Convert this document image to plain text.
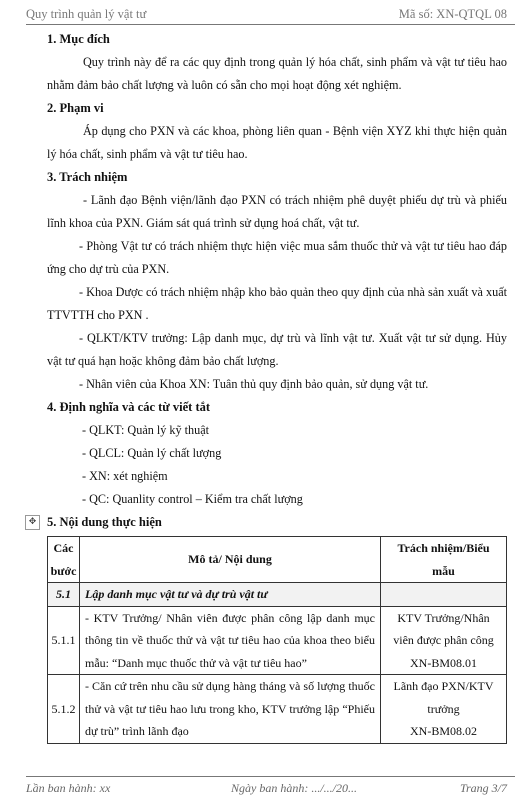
Quy trình quản lý vật tư	Mã số: XN-QTQL 08
1. Mục đích

Quy trình này để ra các quy định trong quản lý hóa chất, sinh phẩm và vật tư tiêu hao nhằm đảm bảo chất lượng và luôn có sẵn cho mọi hoạt động xét nghiệm.

2. Phạm vi

Áp dụng cho PXN và các khoa, phòng liên quan - Bệnh viện XYZ khi thực hiện quản lý hóa chất, sinh phẩm và vật tư tiêu hao.

3. Trách nhiệm

- Lãnh đạo Bệnh viện/lãnh đạo PXN có trách nhiệm phê duyệt phiếu dự trù và phiếu lĩnh khoa của PXN. Giám sát quá trình sử dụng hoá chất, vật tư.

- Phòng Vật tư có trách nhiệm thực hiện việc mua sắm thuốc thử và vật tư tiêu hao đáp ứng cho dự trù của PXN.

- Khoa Dược có trách nhiệm nhập kho bảo quản theo quy định của nhà sản xuất và xuất TTVTTH cho PXN .

- QLKT/KTV trưởng: Lập danh mục, dự trù và lĩnh vật tư. Xuất vật tư sử dụng. Hủy vật tư quá hạn hoặc không đảm bảo chất lượng.

- Nhân viên của Khoa XN: Tuân thủ quy định bảo quản, sử dụng vật tư.

4. Định nghĩa và các từ viết tắt

- QLKT: Quản lý kỹ thuật

- QLCL: Quản lý chất lượng

- XN: xét nghiệm

- QC: Quanlity control – Kiểm tra chất lượng

✥ 5. Nội dung thực hiện
Các bước	Mô tả/ Nội dung	Trách nhiệm/Biểu mẫu
5.1	Lập danh mục vật tư và dự trù vật tư	
5.1.1	- KTV Trưởng/ Nhân viên được phân công lập danh mục thông tin về thuốc thử và vật tư tiêu hao của khoa theo biểu mẫu: “Danh mục thuốc thử và vật tư tiêu hao”	KTV Trưởng/Nhân viên được phân công
XN-BM08.01

5.1.2	- Căn cứ trên nhu cầu sử dụng hàng tháng và số lượng thuốc thử và vật tư tiêu hao lưu trong kho, KTV trưởng lập “Phiếu dự trù” trình lãnh đạo	Lãnh đạo PXN/KTV trưởng
XN-BM08.02
Lần ban hành: xx	Ngày ban hành: .../.../20...	Trang 3/7
